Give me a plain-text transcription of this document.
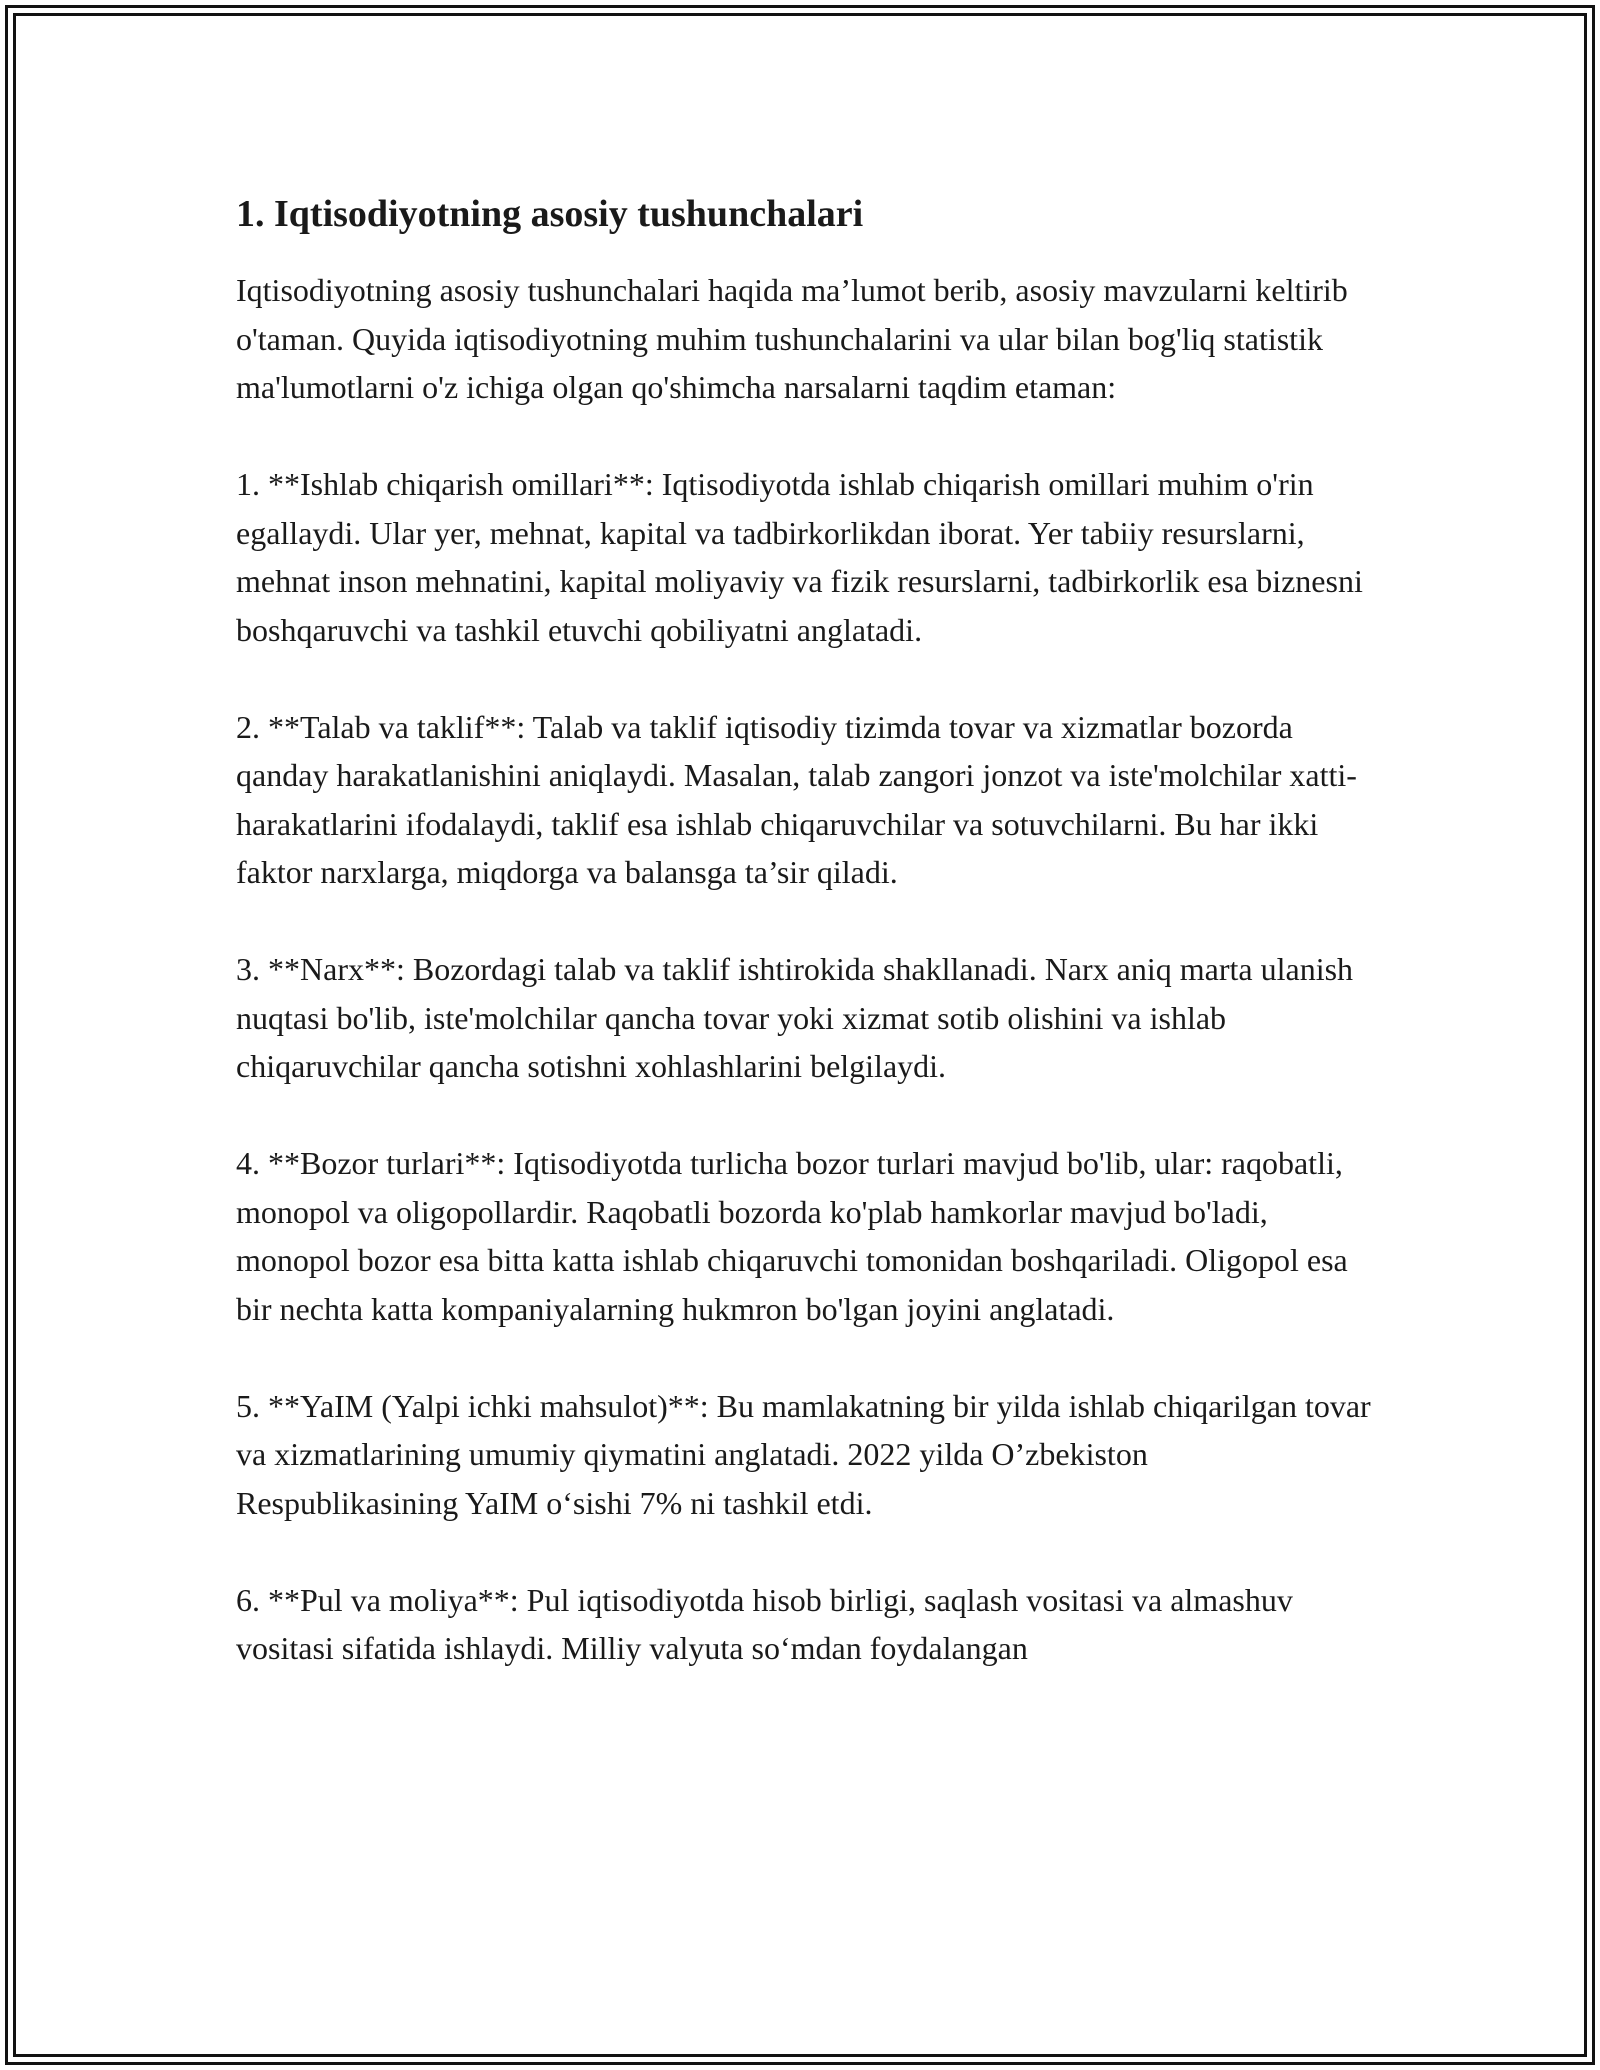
1. Iqtisodiyotning asosiy tushunchalari

Iqtisodiyotning asosiy tushunchalari haqida ma’lumot berib, asosiy mavzularni keltirib o'taman. Quyida iqtisodiyotning muhim tushunchalarini va ular bilan bog'liq statistik ma'lumotlarni o'z ichiga olgan qo'shimcha narsalarni taqdim etaman:

1. **Ishlab chiqarish omillari**: Iqtisodiyotda ishlab chiqarish omillari muhim o'rin egallaydi. Ular yer, mehnat, kapital va tadbirkorlikdan iborat. Yer tabiiy resurslarni, mehnat inson mehnatini, kapital moliyaviy va fizik resurslarni, tadbirkorlik esa biznesni boshqaruvchi va tashkil etuvchi qobiliyatni anglatadi.

2. **Talab va taklif**: Talab va taklif iqtisodiy tizimda tovar va xizmatlar bozorda qanday harakatlanishini aniqlaydi. Masalan, talab zangori jonzot va iste'molchilar xatti-harakatlarini ifodalaydi, taklif esa ishlab chiqaruvchilar va sotuvchilarni. Bu har ikki faktor narxlarga, miqdorga va balansga ta’sir qiladi.

3. **Narx**: Bozordagi talab va taklif ishtirokida shakllanadi. Narx aniq marta ulanish nuqtasi bo'lib, iste'molchilar qancha tovar yoki xizmat sotib olishini va ishlab chiqaruvchilar qancha sotishni xohlashlarini belgilaydi.

4. **Bozor turlari**: Iqtisodiyotda turlicha bozor turlari mavjud bo'lib, ular: raqobatli, monopol va oligopollardir. Raqobatli bozorda ko'plab hamkorlar mavjud bo'ladi, monopol bozor esa bitta katta ishlab chiqaruvchi tomonidan boshqariladi. Oligopol esa bir nechta katta kompaniyalarning hukmron bo'lgan joyini anglatadi.

5. **YaIM (Yalpi ichki mahsulot)**: Bu mamlakatning bir yilda ishlab chiqarilgan tovar va xizmatlarining umumiy qiymatini anglatadi. 2022 yilda O’zbekiston Respublikasining YaIM o‘sishi 7% ni tashkil etdi.

6. **Pul va moliya**: Pul iqtisodiyotda hisob birligi, saqlash vositasi va almashuv vositasi sifatida ishlaydi. Milliy valyuta so‘mdan foydalangan
